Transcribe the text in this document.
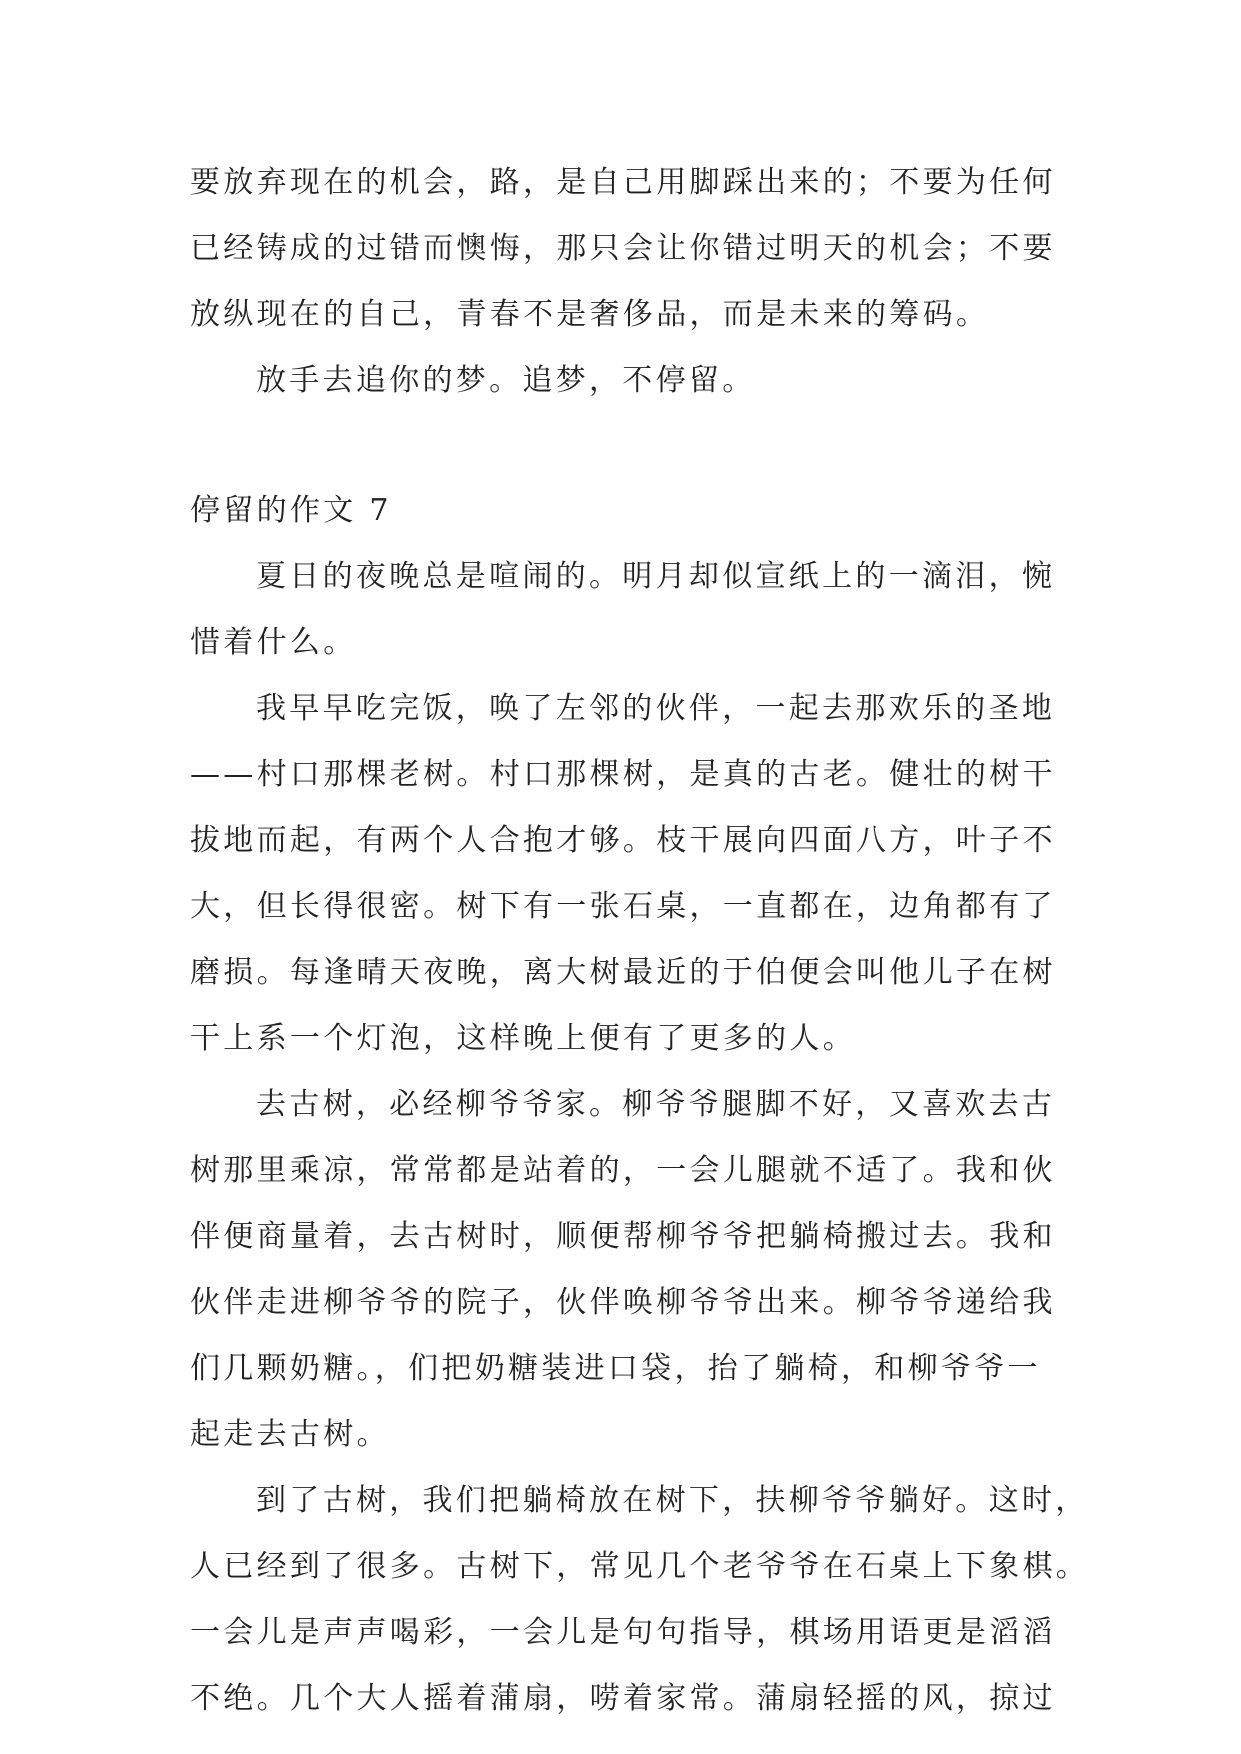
要放弃现在的机会，路，是自己用脚踩出来的；不要为任何
已经铸成的过错而懊悔，那只会让你错过明天的机会；不要
放纵现在的自己，青春不是奢侈品，而是未来的筹码。
放手去追你的梦。追梦，不停留。
停留的作文 7
夏日的夜晚总是喧闹的。明月却似宣纸上的一滴泪，惋
惜着什么。
我早早吃完饭，唤了左邻的伙伴，一起去那欢乐的圣地
——村口那棵老树。村口那棵树，是真的古老。健壮的树干
拔地而起，有两个人合抱才够。枝干展向四面八方，叶子不
大，但长得很密。树下有一张石桌，一直都在，边角都有了
磨损。每逢晴天夜晚，离大树最近的于伯便会叫他儿子在树
干上系一个灯泡，这样晚上便有了更多的人。
去古树，必经柳爷爷家。柳爷爷腿脚不好，又喜欢去古
树那里乘凉，常常都是站着的，一会儿腿就不适了。我和伙
伴便商量着，去古树时，顺便帮柳爷爷把躺椅搬过去。我和
伙伴走进柳爷爷的院子，伙伴唤柳爷爷出来。柳爷爷递给我
们几颗奶糖。，们把奶糖装进口袋，抬了躺椅，和柳爷爷一
起走去古树。
到了古树，我们把躺椅放在树下，扶柳爷爷躺好。这时，
人已经到了很多。古树下，常见几个老爷爷在石桌上下象棋。
一会儿是声声喝彩，一会儿是句句指导，棋场用语更是滔滔
不绝。几个大人摇着蒲扇，唠着家常。蒲扇轻摇的风，掠过
